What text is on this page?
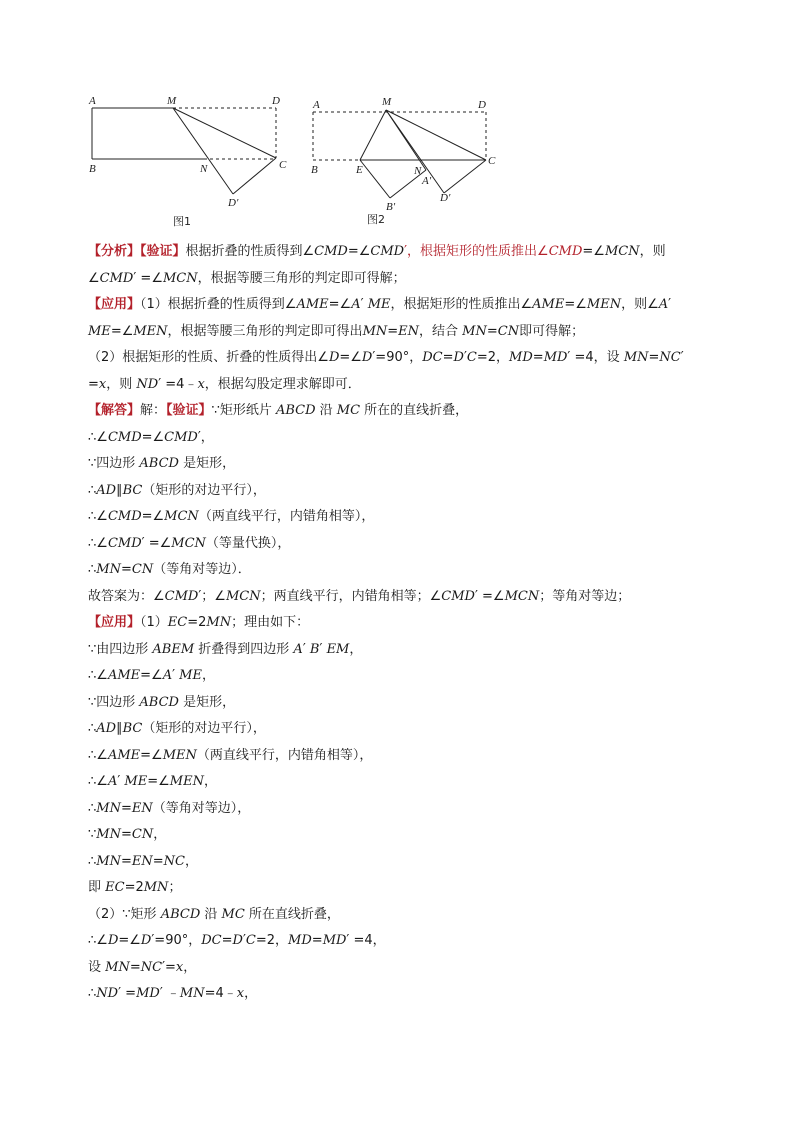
A	M	D
B	N	C
D′
图1
A	M	D
B	E	N
A′
C
B′
D′
图2
【分析】【验证】根据折叠的性质得到∠CMD=∠CMD′，根据矩形的性质推出∠CMD=∠MCN，则
∠CMD′ =∠MCN，根据等腰三角形的判定即可得解；
【应用】（1）根据折叠的性质得到∠AME=∠A′ ME，根据矩形的性质推出∠AME=∠MEN，则∠A′
ME=∠MEN，根据等腰三角形的判定即可得出MN=EN，结合 MN=CN即可得解；
（2）根据矩形的性质、折叠的性质得出∠D=∠D′=90°，DC=D′C=2，MD=MD′ =4，设 MN=NC′
=x，则 ND′ =4﹣x，根据勾股定理求解即可．
【解答】解：【验证】∵矩形纸片 ABCD 沿 MC 所在的直线折叠，
∴∠CMD=∠CMD′，
∵四边形 ABCD 是矩形，
∴AD∥BC（矩形的对边平行），
∴∠CMD=∠MCN（两直线平行，内错角相等），
∴∠CMD′ =∠MCN（等量代换），
∴MN=CN（等角对等边）．
故答案为：∠CMD′；∠MCN；两直线平行，内错角相等；∠CMD′ =∠MCN；等角对等边；
【应用】（1）EC=2MN；理由如下：
∵由四边形 ABEM 折叠得到四边形 A′ B′ EM，
∴∠AME=∠A′ ME，
∵四边形 ABCD 是矩形，
∴AD∥BC（矩形的对边平行），
∴∠AME=∠MEN（两直线平行，内错角相等），
∴∠A′ ME=∠MEN，
∴MN=EN（等角对等边），
∵MN=CN，
∴MN=EN=NC，
即 EC=2MN；
（2）∵矩形 ABCD 沿 MC 所在直线折叠，
∴∠D=∠D′=90°，DC=D′C=2，MD=MD′ =4，
设 MN=NC′=x，
∴ND′ =MD′ ﹣MN=4﹣x，
